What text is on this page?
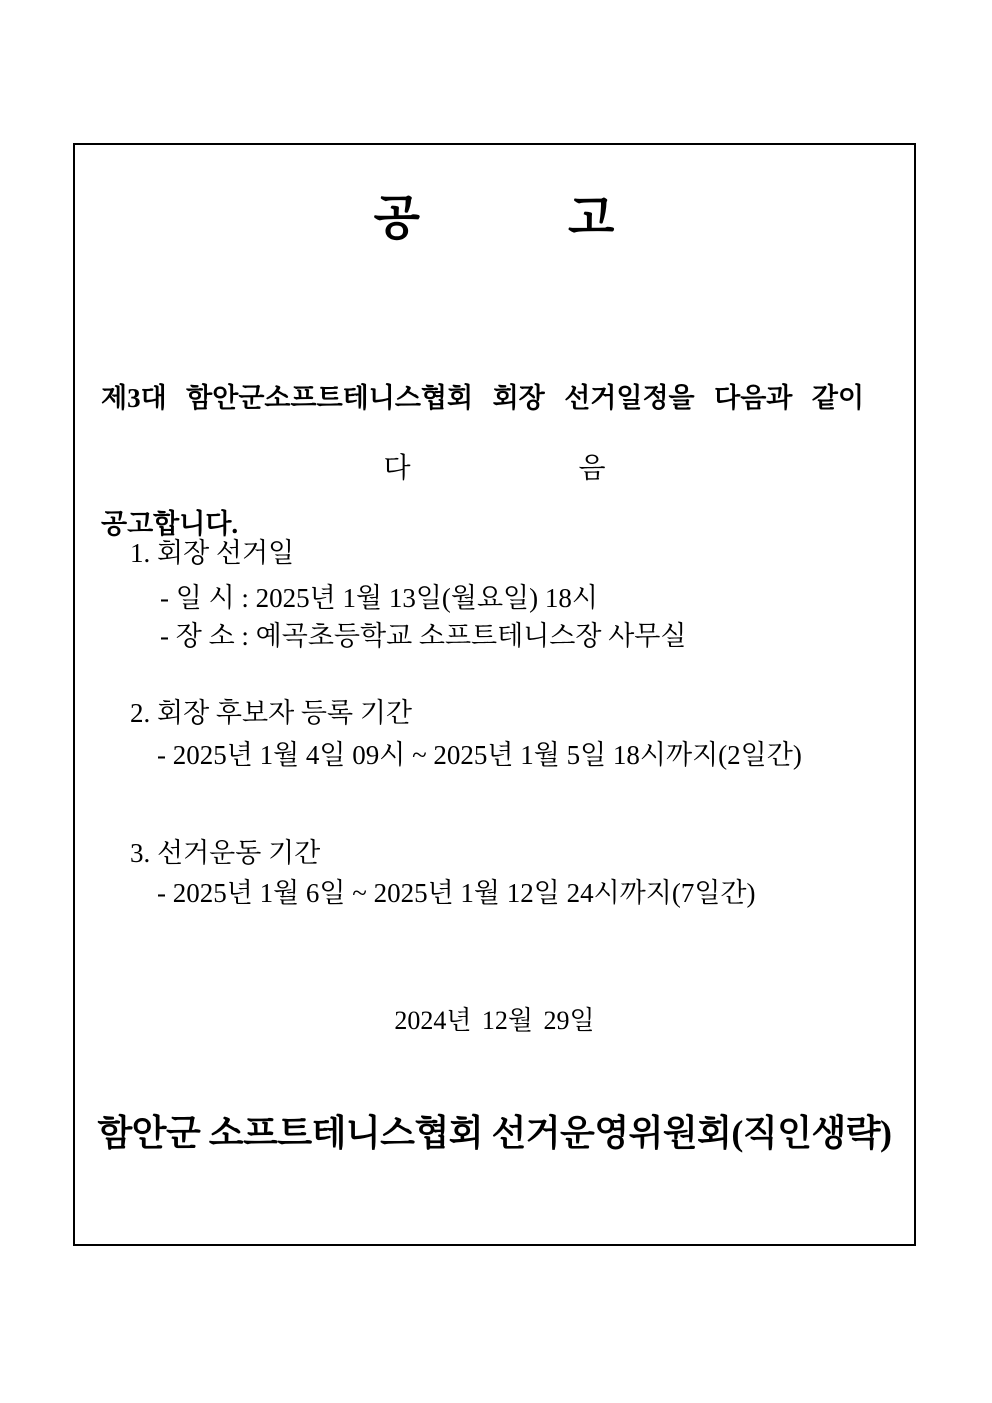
공　　　고

제3대  함안군소프트테니스협회  회장  선거일정을  다음과  같이

공고합니다.

다　　　　　　음
1. 회장 선거일
- 일 시 : 2025년 1월 13일(월요일) 18시
- 장 소 : 예곡초등학교 소프트테니스장 사무실
2. 회장 후보자 등록 기간
- 2025년 1월 4일 09시 ~ 2025년 1월 5일 18시까지(2일간)
3. 선거운동 기간
- 2025년 1월 6일 ~ 2025년 1월 12일 24시까지(7일간)
2024년 12월 29일
함안군 소프트테니스협회 선거운영위원회(직인생략)
